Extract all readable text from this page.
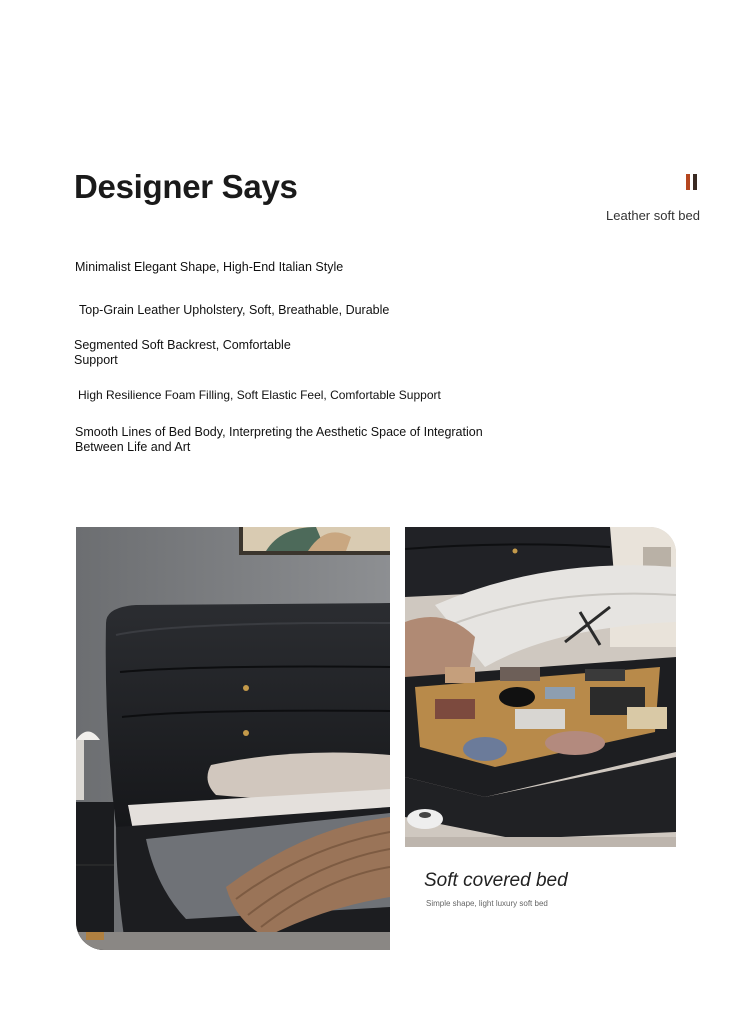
Designer Says
Leather soft bed
Minimalist Elegant Shape, High-End Italian Style
Top-Grain Leather Upholstery, Soft, Breathable, Durable
Segmented Soft Backrest, Comfortable Support
High Resilience Foam Filling, Soft Elastic Feel, Comfortable Support
Smooth Lines of Bed Body, Interpreting the Aesthetic Space of Integration Between Life and Art
Soft covered bed
Simple shape, light luxury soft bed
